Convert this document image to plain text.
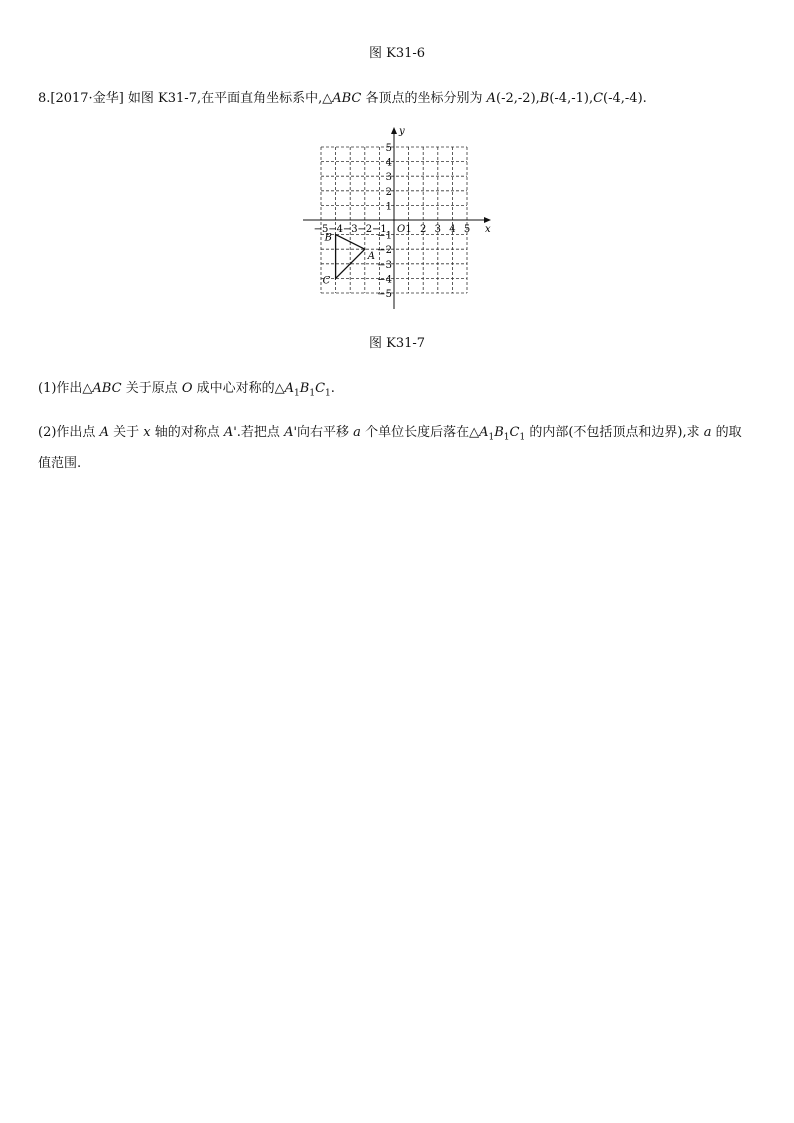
图 K31-6
8.[2017·金华] 如图 K31-7,在平面直角坐标系中,△ABC 各顶点的坐标分别为 A(-2,-2),B(-4,-1),C(-4,-4).
x
y
O
−5 −4 −3 −2 −1 1 2 3 4 5
5
4
3
2
1
−1
−2
−3
−4
−5
A
B
C
图 K31-7
(1)作出△ABC 关于原点 O 成中心对称的$\triangle A_1B_1C_1$.
(2)作出点 A 关于 x 轴的对称点 A'.若把点 A'向右平移 a 个单位长度后落在$\triangle A_1B_1C_1$ 的内部(不包括顶点和边界),求 a 的取
值范围.
